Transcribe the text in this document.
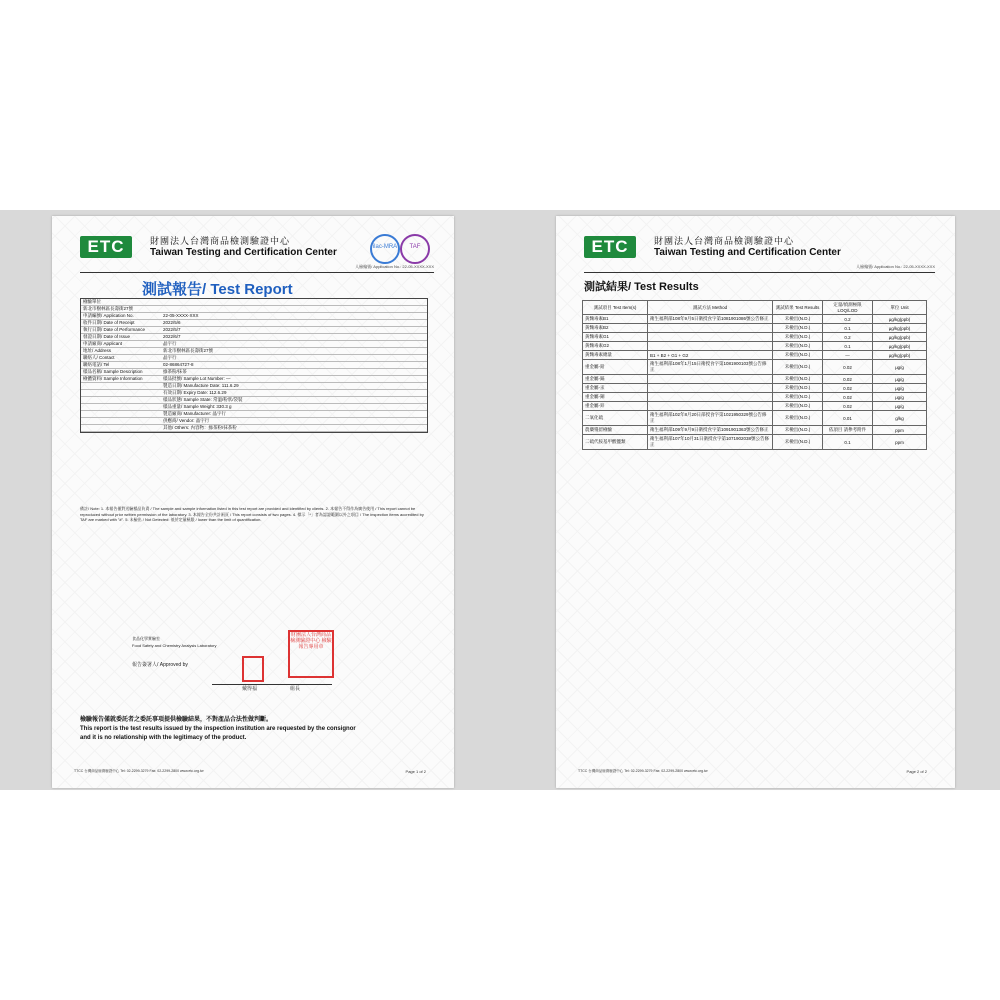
ETC	財團法人台灣商品檢測驗證中心
Taiwan Testing and Certification Center	ilac-MRA	TAF
人檢編號/ Application No.: 22-05-XXXX-XXX
測試報告/ Test Report
檢驗單位
新北市樹林區長壽街27號
申請編號/ Application No.	22-05-XXXX-XXX
收件日期/ Date of Receipt	2022/5/6
執行日期/ Date of Performance	2022/5/7
發證日期/ Date of Issue	2022/6/7
申請廠商/ Applicant	晶宇行
地址/ Address	新北市樹林區長壽街27號
聯絡人/ Contact	晶宇行
聯絡電話/ Tel	02-86864727-8
樣品名稱/ Sample Description	綠茶粉/抹茶
檢體資料/ Sample Information	樣品批號/ Sample Lot Number: —
製造日期/ Manufacture Date: 111.6.29
有效日期/ Expiry Date: 112.6.29
樣品狀態/ Sample State: 常溫/粉狀/袋裝
樣品重量/ Sample Weight: 330.3 g
製造廠商/ Manufacturer: 晶宇行
供應商/ Vendor: 晶宇行
其他/ Others: 內容物：綠茶粉/抹茶粉
備註/ Note: 1. 本報告僅對送驗樣品負責 / The sample and sample information listed in this test report are provided and identified by clients. 2. 本報告不得作為廣告使用 / This report cannot be reproduced without prior written permission of the laboratory. 3. 本報告全份共計兩頁 / This report consists of two pages. 4. 標示「*」者為認證範圍以外之項目 / The inspection items accredited by TAF are marked with "#". 5. 未檢出 / Not Detected: 低於定量極限 / lower than the limit of quantification.
食品化學實驗室
Food Safety and Chemistry Analysis Laboratory
報告簽署人/ Approved by
財團法人台灣商品檢測驗證中心 檢驗報告專用章
戴得福	組長
檢驗報告僅就委託者之委託事項提供檢驗結果，不對產品合法性做判斷。
This report is the test results issued by the inspection institution are requested by the consignor
and it is no relationship with the legitimacy of the product.
TTCC 台灣商品檢測驗證中心 Tel: 02-2299-3279 Fax: 02-2299-2800 www.etc.org.tw	Page 1 of 2
ETC	財團法人台灣商品檢測驗證中心
Taiwan Testing and Certification Center
人檢編號/ Application No.: 22-05-XXXX-XXX
測試結果/ Test Results
測試項目 Test Item(s)	測試方法 Method	測試結果 Test Results	定量/偵測極限 LOQ/LOD	單位 Unit
黃麴毒素B1	衛生福利部108年9月5日衛授食字第1081901086號公告修正	未檢出(N.D.)	0.2	μg/kg(ppb)
黃麴毒素B2		未檢出(N.D.)	0.1	μg/kg(ppb)
黃麴毒素G1		未檢出(N.D.)	0.2	μg/kg(ppb)
黃麴毒素G2		未檢出(N.D.)	0.1	μg/kg(ppb)
黃麴毒素總量	B1 + B2 + G1 + G2	未檢出(N.D.)	—	μg/kg(ppb)
重金屬-鉛	衛生福利部108年1月15日衛授食字第1081900103號公告修正	未檢出(N.D.)	0.02	μg/g
重金屬-鎘		未檢出(N.D.)	0.02	μg/g
重金屬-汞		未檢出(N.D.)	0.02	μg/g
重金屬-銅		未檢出(N.D.)	0.02	μg/g
重金屬-鋅		未檢出(N.D.)	0.02	μg/g
二氧化硫	衛生福利部102年8月20日部授食字第1021950329號公告修正	未檢出(N.D.)	0.01	g/kg
農藥殘留檢驗	衛生福利部109年9月9日衛授食字第1091901363號公告修正	未檢出(N.D.)	依項目 請參考附件	ppm
二硫代胺基甲酸鹽類	衛生福利部107年10月31日衛授食字第1071902038號公告修正	未檢出(N.D.)	0.1	ppm
TTCC 台灣商品檢測驗證中心 Tel: 02-2299-3279 Fax: 02-2299-2800 www.etc.org.tw	Page 2 of 2
